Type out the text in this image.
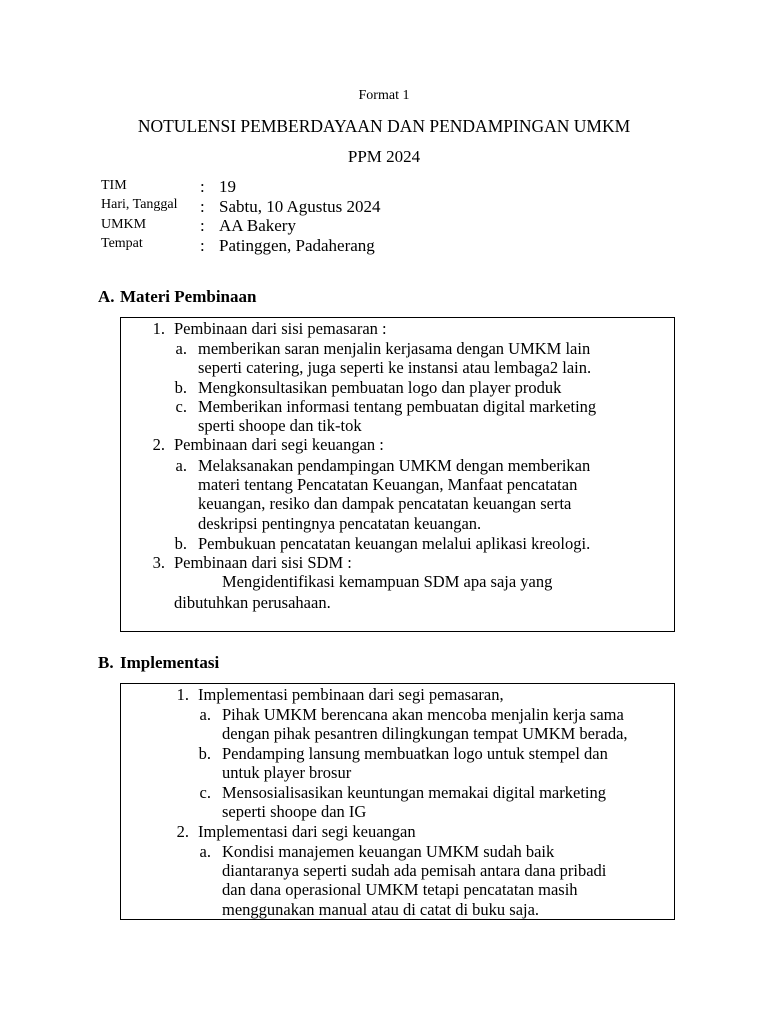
Format 1
NOTULENSI PEMBERDAYAAN DAN PENDAMPINGAN UMKM
PPM 2024
TIM	: 19
Hari, Tanggal : Sabtu, 10 Agustus 2024
UMKM	: AA Bakery
Tempat	: Patinggen, Padaherang
A. Materi Pembinaan
1. Pembinaan dari sisi pemasaran :
a. memberikan saran menjalin kerjasama dengan UMKM lain
seperti catering, juga seperti ke instansi atau lembaga2 lain.
b. Mengkonsultasikan pembuatan logo dan player produk
c. Memberikan informasi tentang pembuatan digital marketing
sperti shoope dan tik-tok
2. Pembinaan dari segi keuangan :
a. Melaksanakan pendampingan UMKM dengan memberikan
materi tentang Pencatatan Keuangan, Manfaat pencatatan
keuangan, resiko dan dampak pencatatan keuangan serta
deskripsi pentingnya pencatatan keuangan.
b. Pembukuan pencatatan keuangan melalui aplikasi kreologi.
3. Pembinaan dari sisi SDM :
Mengidentifikasi kemampuan SDM apa saja yang
dibutuhkan perusahaan.
B. Implementasi
1. Implementasi pembinaan dari segi pemasaran,
a. Pihak UMKM berencana akan mencoba menjalin kerja sama
dengan pihak pesantren dilingkungan tempat UMKM berada,
b. Pendamping lansung membuatkan logo untuk stempel dan
untuk player brosur
c. Mensosialisasikan keuntungan memakai digital marketing
seperti shoope dan IG
2. Implementasi dari segi keuangan
a. Kondisi manajemen keuangan UMKM sudah baik
diantaranya seperti sudah ada pemisah antara dana pribadi
dan dana operasional UMKM tetapi pencatatan masih
menggunakan manual atau di catat di buku saja.
